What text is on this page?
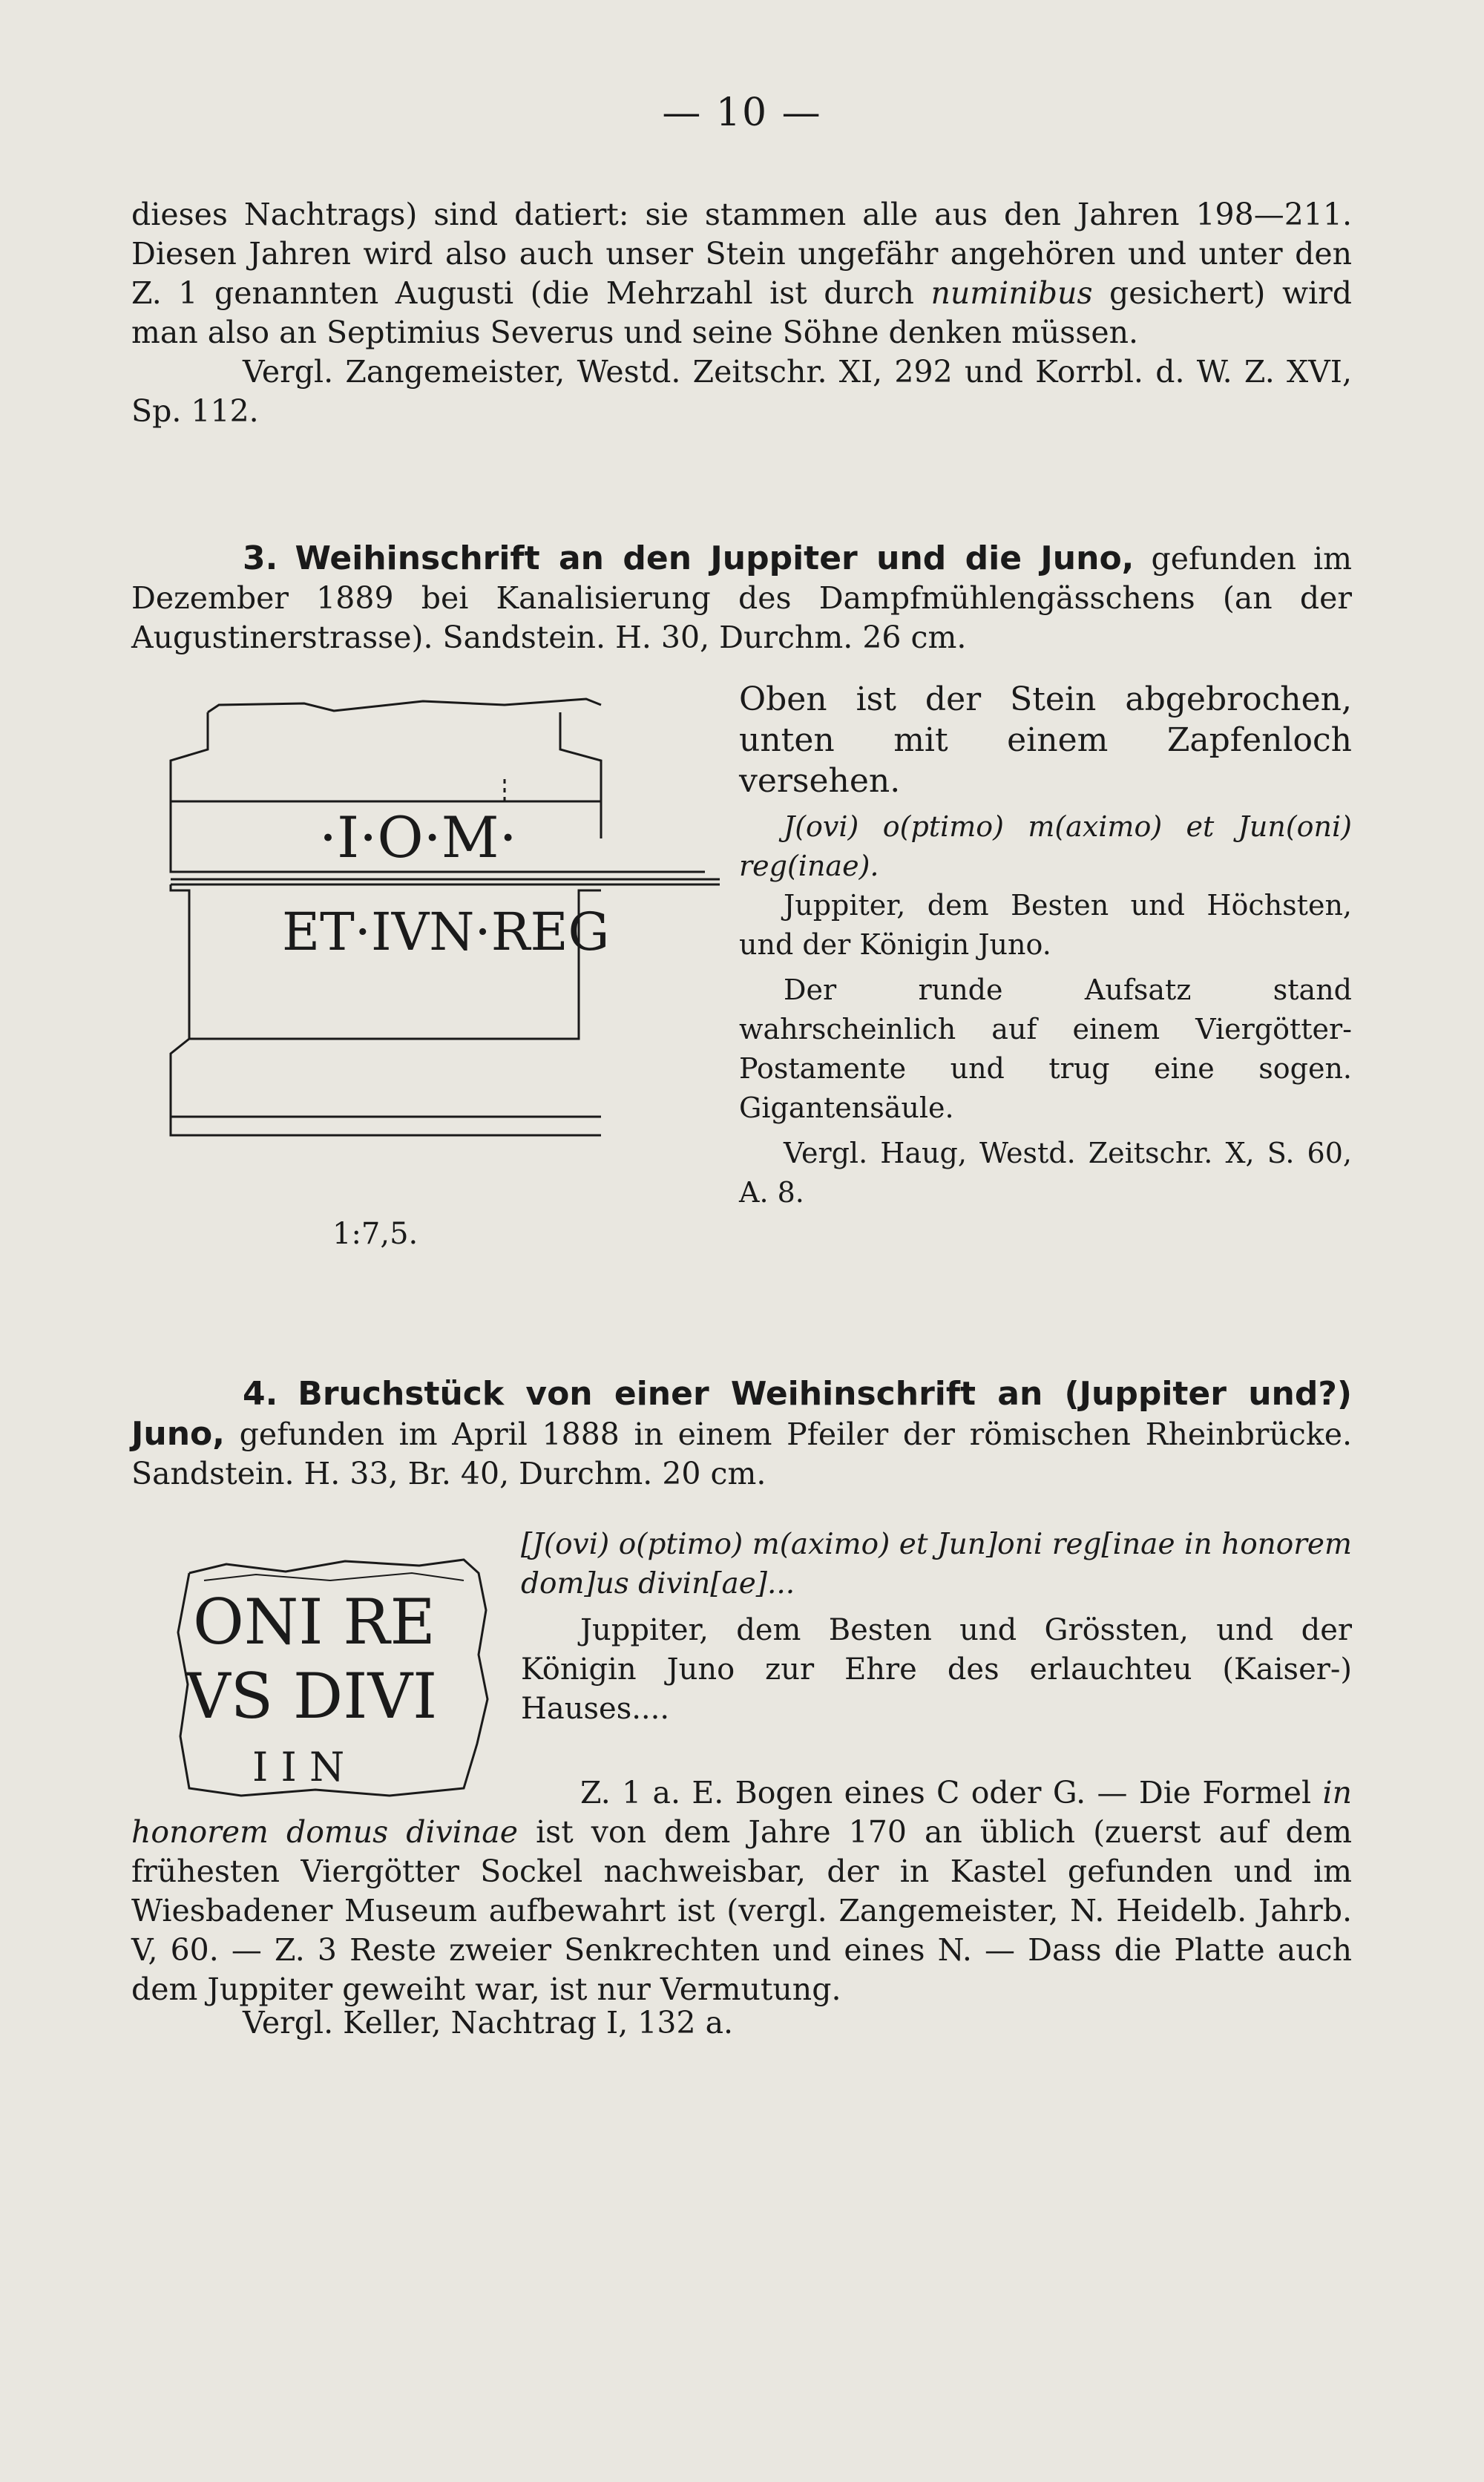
— 10 —
dieses Nachtrags) sind datiert: sie stammen alle aus den Jahren 198—211. Diesen Jahren wird also auch unser Stein ungefähr angehören und unter den Z. 1 genannten Augusti (die Mehrzahl ist durch numinibus gesichert) wird man also an Septimius Severus und seine Söhne denken müssen.
Vergl. Zangemeister, Westd. Zeitschr. XI, 292 und Korrbl. d. W. Z. XVI, Sp. 112.
3. Weihinschrift an den Juppiter und die Juno, gefunden im Dezember 1889 bei Kanalisierung des Dampfmühlengässchens (an der Augustinerstrasse). Sandstein. H. 30, Durchm. 26 cm.
·I·O·M·
ET·IVN·REG
1:7,5.

Oben ist der Stein abgebrochen, unten mit einem Zapfenloch versehen.

J(ovi) o(ptimo) m(aximo) et Jun(oni) reg(inae).

Juppiter, dem Besten und Höchsten, und der Königin Juno.

Der runde Aufsatz stand wahrscheinlich auf einem Viergötter-Postamente und trug eine sogen. Gigantensäule.

Vergl. Haug, Westd. Zeitschr. X, S. 60, A. 8.

4. Bruchstück von einer Weihinschrift an (Juppiter und?) Juno, gefunden im April 1888 in einem Pfeiler der römischen Rheinbrücke. Sandstein. H. 33, Br. 40, Durchm. 20 cm.
ONI RE
VS DIVI
I I N

[J(ovi) o(ptimo) m(aximo) et Jun]oni reg[inae in honorem dom]us divin[ae]...

Juppiter, dem Besten und Grössten, und der Königin Juno zur Ehre des erlauchteu (Kaiser-) Hauses....

Z. 1 a. E. Bogen eines C oder G. — Die Formel in honorem domus divinae ist von dem Jahre 170 an üblich (zuerst auf dem frühesten Viergötter Sockel nachweisbar, der in Kastel gefunden und im Wiesbadener Museum aufbewahrt ist (vergl. Zangemeister, N. Heidelb. Jahrb. V, 60. — Z. 3 Reste zweier Senkrechten und eines N. — Dass die Platte auch dem Juppiter geweiht war, ist nur Vermutung.
Vergl. Keller, Nachtrag I, 132 a.
